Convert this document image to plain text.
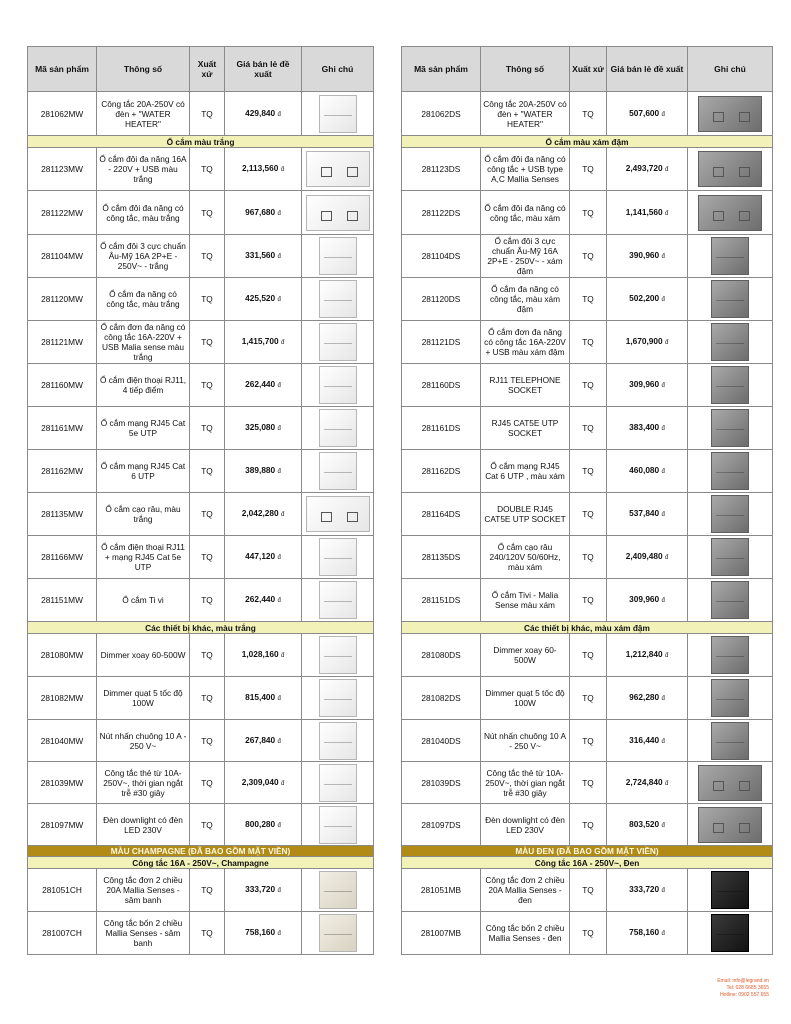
Mã sản phẩm	Thông số	Xuất xứ	Giá bán lẻ đề xuất	Ghi chú
281062MW	Công tắc 20A-250V có đèn + "WATER HEATER"	TQ	429,840 đ	

Ổ cắm màu trắng				
281123MW	Ổ cắm đôi đa năng 16A - 220V + USB màu trắng	TQ	2,113,560 đ	

281122MW	Ổ cắm đôi đa năng có công tắc, màu trắng	TQ	967,680 đ	

281104MW	Ổ cắm đôi 3 cực chuẩn Âu-Mỹ 16A 2P+E - 250V~ - trắng	TQ	331,560 đ	

281120MW	Ổ cắm đa năng có công tắc, màu trắng	TQ	425,520 đ	

281121MW	Ổ cắm đơn đa năng có công tắc 16A-220V + USB Malia sense màu trắng	TQ	1,415,700 đ	

281160MW	Ổ cắm điện thoại RJ11, 4 tiếp điểm	TQ	262,440 đ	

281161MW	Ổ cắm mạng RJ45 Cat 5e UTP	TQ	325,080 đ	

281162MW	Ổ cắm mạng RJ45 Cat 6 UTP	TQ	389,880 đ	

281135MW	Ổ cắm cạo râu, màu trắng	TQ	2,042,280 đ	

281166MW	Ổ cắm điện thoại RJ11 + mạng RJ45 Cat 5e UTP	TQ	447,120 đ	

281151MW	Ổ cắm Ti vi	TQ	262,440 đ	

Các thiết bị khác, màu trắng				
281080MW	Dimmer xoay 60-500W	TQ	1,028,160 đ	

281082MW	Dimmer quạt 5 tốc độ 100W	TQ	815,400 đ	

281040MW	Nút nhấn chuông 10 A - 250 V~	TQ	267,840 đ	

281039MW	Công tắc thẻ từ 10A-250V~, thời gian ngắt trễ #30 giây	TQ	2,309,040 đ	

281097MW	Đèn downlight có đèn LED 230V	TQ	800,280 đ	

MÀU CHAMPAGNE (ĐÃ BAO GỒM MẶT VIỀN)				
Công tắc 16A - 250V~, Champagne				
281051CH	Công tắc đơn 2 chiều 20A Mallia Senses - sâm banh	TQ	333,720 đ	

281007CH	Công tắc bốn 2 chiều Mallia Senses - sâm banh	TQ	758,160 đ	
Mã sản phẩm	Thông số	Xuất xứ	Giá bán lẻ đề xuất	Ghi chú
281062DS	Công tắc 20A-250V có đèn + "WATER HEATER"	TQ	507,600 đ	

Ổ cắm màu xám đậm				
281123DS	Ổ cắm đôi đa năng có công tắc + USB type A,C Mallia Senses	TQ	2,493,720 đ	

281122DS	Ổ cắm đôi đa năng có công tắc, màu xám	TQ	1,141,560 đ	

281104DS	Ổ cắm đôi 3 cực chuẩn Âu-Mỹ 16A 2P+E - 250V~ - xám đậm	TQ	390,960 đ	

281120DS	Ổ cắm đa năng có công tắc, màu xám đậm	TQ	502,200 đ	

281121DS	Ổ cắm đơn đa năng có công tắc 16A-220V + USB màu xám đậm	TQ	1,670,900 đ	

281160DS	RJ11 TELEPHONE SOCKET	TQ	309,960 đ	

281161DS	RJ45 CAT5E UTP SOCKET	TQ	383,400 đ	

281162DS	Ổ cắm mạng RJ45 Cat 6 UTP , màu xám	TQ	460,080 đ	

281164DS	DOUBLE RJ45 CAT5E UTP SOCKET	TQ	537,840 đ	

281135DS	Ổ cắm cạo râu 240/120V 50/60Hz, màu xám	TQ	2,409,480 đ	

281151DS	Ổ cắm Tivi - Malia Sense màu xám	TQ	309,960 đ	

Các thiết bị khác, màu xám đậm				
281080DS	Dimmer xoay 60-500W	TQ	1,212,840 đ	

281082DS	Dimmer quạt 5 tốc độ 100W	TQ	962,280 đ	

281040DS	Nút nhấn chuông 10 A - 250 V~	TQ	316,440 đ	

281039DS	Công tắc thẻ từ 10A-250V~, thời gian ngắt trễ #30 giây	TQ	2,724,840 đ	

281097DS	Đèn downlight có đèn LED 230V	TQ	803,520 đ	

MÀU ĐEN (ĐÃ BAO GỒM MẶT VIỀN)				
Công tắc 16A - 250V~, Đen				
281051MB	Công tắc đơn 2 chiều 20A Mallia Senses - đen	TQ	333,720 đ	

281007MB	Công tắc bốn 2 chiều Mallia Senses - đen	TQ	758,160 đ	
Email: info@legrand.vn
Tel: 028 6685 3655
Hotline: 0902 557 655
